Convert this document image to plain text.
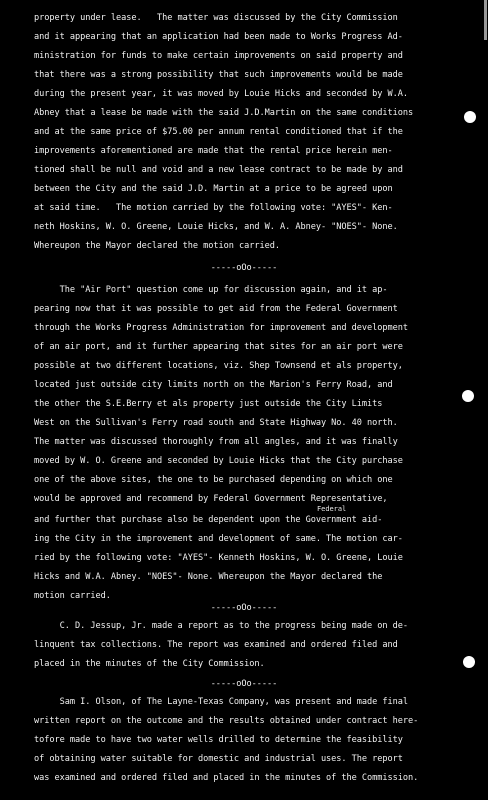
property under lease.   The matter was discussed by the City Commission
and it appearing that an application had been made to Works Progress Ad-
ministration for funds to make certain improvements on said property and
that there was a strong possibility that such improvements would be made
during the present year, it was moved by Louie Hicks and seconded by W.A.
Abney that a lease be made with the said J.D.Martin on the same conditions
and at the same price of $75.00 per annum rental conditioned that if the
improvements aforementioned are made that the rental price herein men-
tioned shall be null and void and a new lease contract to be made by and
between the City and the said J.D. Martin at a price to be agreed upon
at said time.   The motion carried by the following vote: "AYES"- Ken-
neth Hoskins, W. O. Greene, Louie Hicks, and W. A. Abney- "NOES"- None.
Whereupon the Mayor declared the motion carried.
-----oOo-----
The "Air Port" question come up for discussion again, and it ap-
pearing now that it was possible to get aid from the Federal Government
through the Works Progress Administration for improvement and development
of an air port, and it further appearing that sites for an air port were
possible at two different locations, viz. Shep Townsend et als property,
located just outside city limits north on the Marion's Ferry Road, and
the other the S.E.Berry et als property just outside the City Limits
West on the Sullivan's Ferry road south and State Highway No. 40 north.
The matter was discussed thoroughly from all angles, and it was finally
moved by W. O. Greene and seconded by Louie Hicks that the City purchase
one of the above sites, the one to be purchased depending on which one
would be approved and recommend by Federal Government Representative,
Federal
and further that purchase also be dependent upon the Government aid-
ing the City in the improvement and development of same. The motion car-
ried by the following vote: "AYES"- Kenneth Hoskins, W. O. Greene, Louie
Hicks and W.A. Abney. "NOES"- None. Whereupon the Mayor declared the
motion carried.
-----oOo-----
C. D. Jessup, Jr. made a report as to the progress being made on de-
linquent tax collections. The report was examined and ordered filed and
placed in the minutes of the City Commission.
-----oOo-----
Sam I. Olson, of The Layne-Texas Company, was present and made final
written report on the outcome and the results obtained under contract here-
tofore made to have two water wells drilled to determine the feasibility
of obtaining water suitable for domestic and industrial uses. The report
was examined and ordered filed and placed in the minutes of the Commission.
